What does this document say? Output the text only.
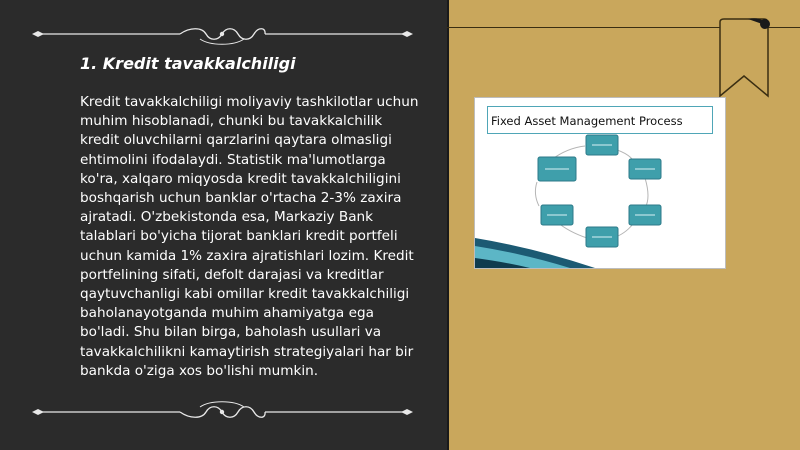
1. Kredit tavakkalchiligi

Kredit tavakkalchiligi moliyaviy tashkilotlar uchun muhim hisoblanadi, chunki bu tavakkalchilik kredit oluvchilarni qarzlarini qaytara olmasligi ehtimolini ifodalaydi. Statistik ma'lumotlarga ko'ra, xalqaro miqyosda kredit tavakkalchiligini boshqarish uchun banklar o'rtacha 2-3% zaxira ajratadi. O'zbekistonda esa, Markaziy Bank talablari bo'yicha tijorat banklari kredit portfeli uchun kamida 1% zaxira ajratishlari lozim. Kredit portfelining sifati, defolt darajasi va kreditlar qaytuvchanligi kabi omillar kredit tavakkalchiligi baholanayotganda muhim ahamiyatga ega bo'ladi. Shu bilan birga, baholash usullari va tavakkalchilikni kamaytirish strategiyalari har bir bankda o'ziga xos bo'lishi mumkin.

Fixed Asset Management Process
